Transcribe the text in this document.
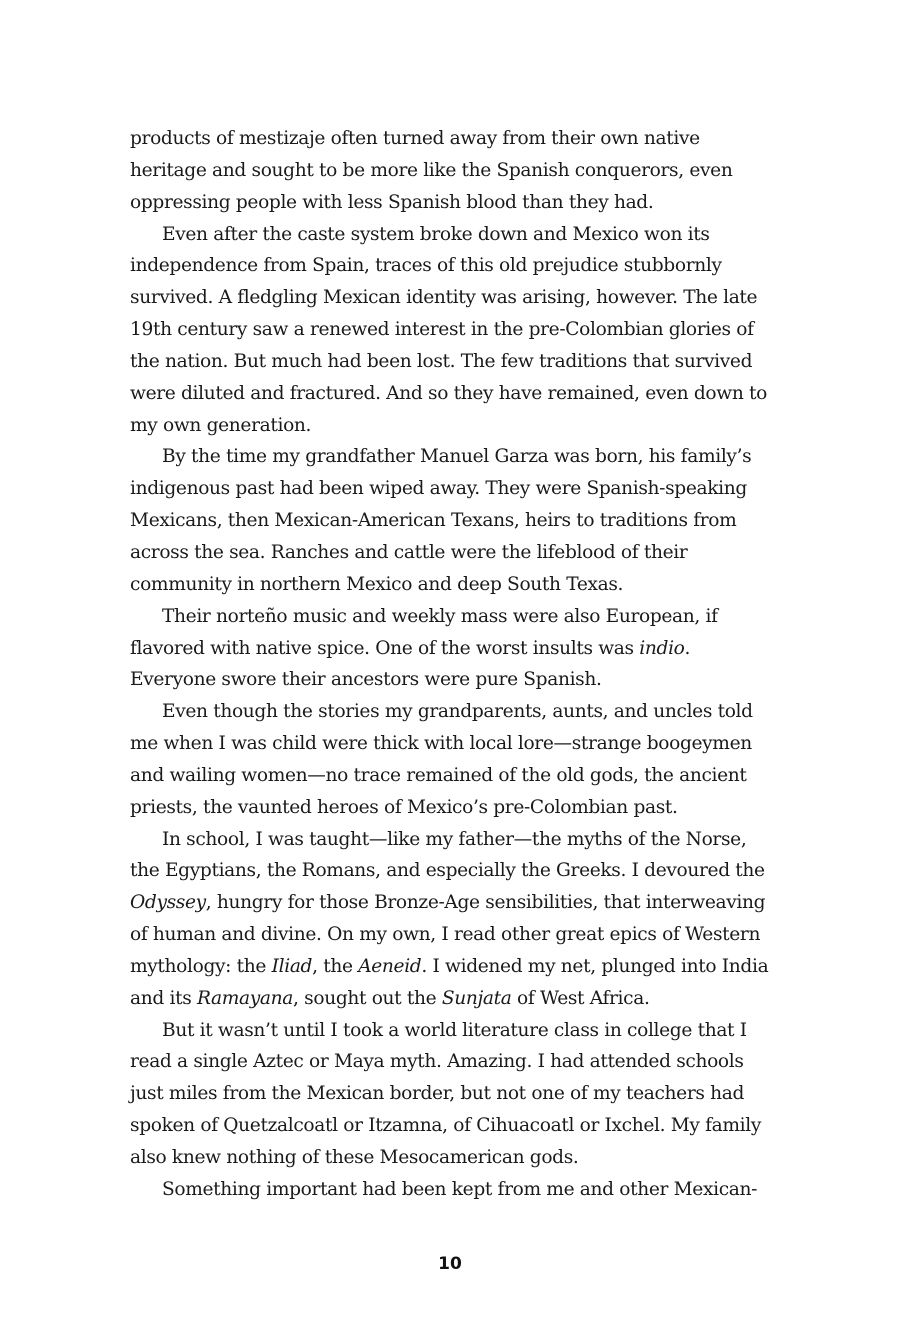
products of mestizaje often turned away from their own native heritage and sought to be more like the Spanish conquerors, even oppressing people with less Spanish blood than they had.

Even after the caste system broke down and Mexico won its independence from Spain, traces of this old prejudice stubbornly survived. A fledgling Mexican identity was arising, however. The late 19th century saw a renewed interest in the pre-Colombian glories of the nation. But much had been lost. The few traditions that survived were diluted and fractured. And so they have remained, even down to my own generation.

By the time my grandfather Manuel Garza was born, his family’s indigenous past had been wiped away. They were Spanish-speaking Mexicans, then Mexican-American Texans, heirs to traditions from across the sea. Ranches and cattle were the lifeblood of their community in northern Mexico and deep South Texas.

Their norteño music and weekly mass were also European, if flavored with native spice. One of the worst insults was indio. Everyone swore their ancestors were pure Spanish.

Even though the stories my grandparents, aunts, and uncles told me when I was child were thick with local lore—strange boogeymen and wailing women—no trace remained of the old gods, the ancient priests, the vaunted heroes of Mexico’s pre-Colombian past.

In school, I was taught—like my father—the myths of the Norse, the Egyptians, the Romans, and especially the Greeks. I devoured the Odyssey, hungry for those Bronze-Age sensibilities, that interweaving of human and divine. On my own, I read other great epics of Western mythology: the Iliad, the Aeneid. I widened my net, plunged into India and its Ramayana, sought out the Sunjata of West Africa.

But it wasn’t until I took a world literature class in college that I read a single Aztec or Maya myth. Amazing. I had attended schools just miles from the Mexican border, but not one of my teachers had spoken of Quetzalcoatl or Itzamna, of Cihuacoatl or Ixchel. My family also knew nothing of these Mesocamerican gods.

Something important had been kept from me and other Mexican-

10
